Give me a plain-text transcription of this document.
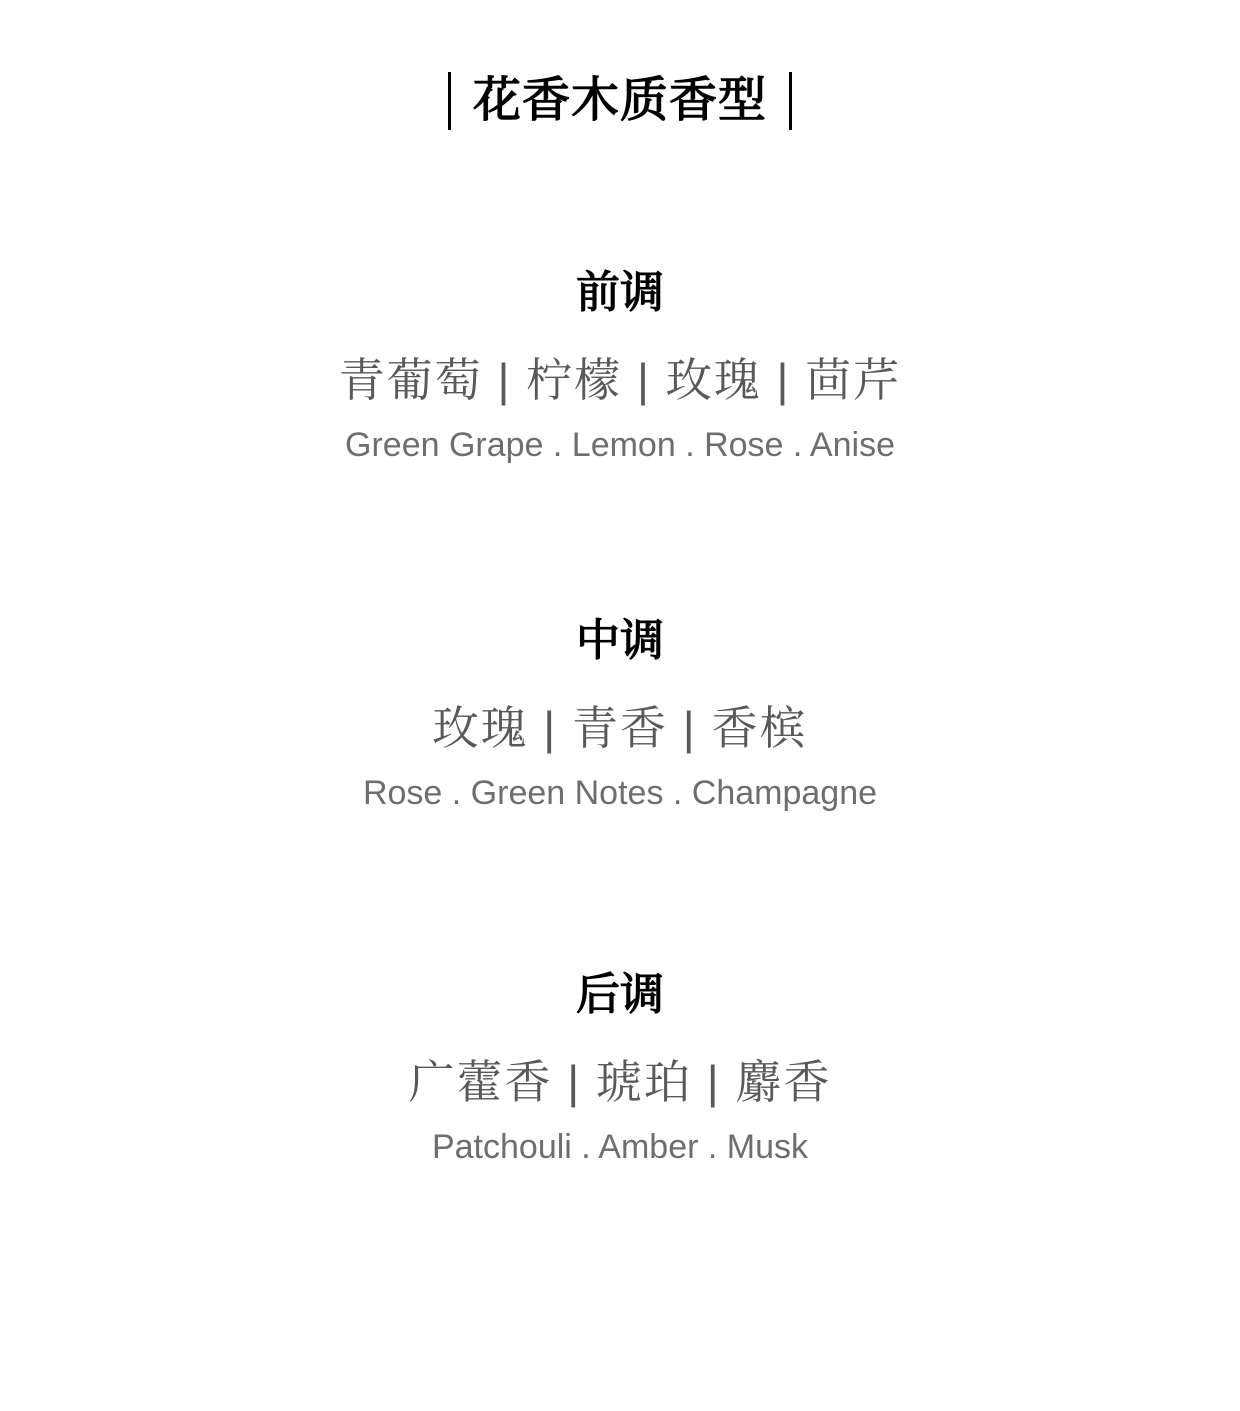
花香木质香型
前调
青葡萄 | 柠檬 | 玫瑰 | 茴芹
Green Grape . Lemon . Rose . Anise
中调
玫瑰 | 青香 | 香槟
Rose . Green Notes . Champagne
后调
广藿香 | 琥珀 | 麝香
Patchouli . Amber . Musk
